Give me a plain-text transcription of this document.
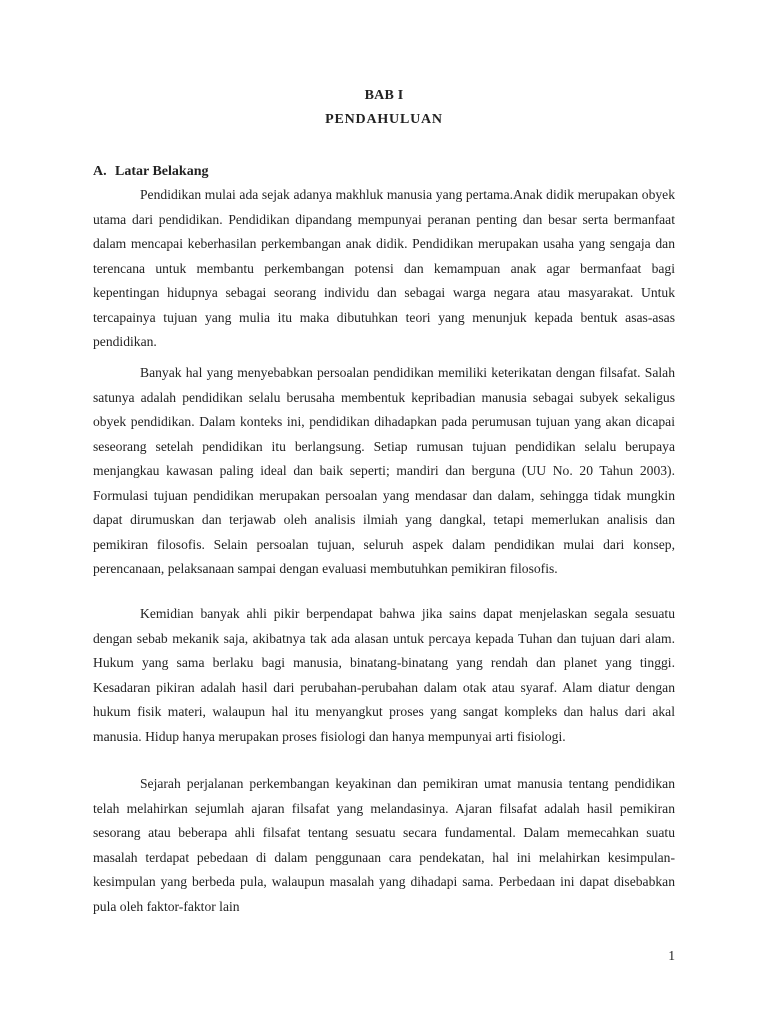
BAB I
PENDAHULUAN
A. Latar Belakang

Pendidikan mulai ada sejak adanya makhluk manusia yang pertama.Anak didik merupakan obyek utama dari pendidikan. Pendidikan dipandang mempunyai peranan penting dan besar serta bermanfaat dalam mencapai keberhasilan perkembangan anak didik. Pendidikan merupakan usaha yang sengaja dan terencana untuk membantu perkembangan potensi dan kemampuan anak agar bermanfaat bagi kepentingan hidupnya sebagai seorang individu dan sebagai warga negara atau masyarakat. Untuk tercapainya tujuan yang mulia itu maka dibutuhkan teori yang menunjuk kepada bentuk asas-asas pendidikan.

Banyak hal yang menyebabkan persoalan pendidikan memiliki keterikatan dengan filsafat. Salah satunya adalah pendidikan selalu berusaha membentuk kepribadian manusia sebagai subyek sekaligus obyek pendidikan. Dalam konteks ini, pendidikan dihadapkan pada perumusan tujuan yang akan dicapai seseorang setelah pendidikan itu berlangsung. Setiap rumusan tujuan pendidikan selalu berupaya menjangkau kawasan paling ideal dan baik seperti; mandiri dan berguna (UU No. 20 Tahun 2003). Formulasi tujuan pendidikan merupakan persoalan yang mendasar dan dalam, sehingga tidak mungkin dapat dirumuskan dan terjawab oleh analisis ilmiah yang dangkal, tetapi memerlukan analisis dan pemikiran filosofis. Selain persoalan tujuan, seluruh aspek dalam pendidikan mulai dari konsep, perencanaan, pelaksanaan sampai dengan evaluasi membutuhkan pemikiran filosofis.

Kemidian banyak ahli pikir berpendapat bahwa jika sains dapat menjelaskan segala sesuatu dengan sebab mekanik saja, akibatnya tak ada alasan untuk percaya kepada Tuhan dan tujuan dari alam. Hukum yang sama berlaku bagi manusia, binatang-binatang yang rendah dan planet yang tinggi. Kesadaran pikiran adalah hasil dari perubahan-perubahan dalam otak atau syaraf. Alam diatur dengan hukum fisik materi, walaupun hal itu menyangkut proses yang sangat kompleks dan halus dari akal manusia. Hidup hanya merupakan proses fisiologi dan hanya mempunyai arti fisiologi.

Sejarah perjalanan perkembangan keyakinan dan pemikiran umat manusia tentang pendidikan telah melahirkan sejumlah ajaran filsafat yang melandasinya. Ajaran filsafat adalah hasil pemikiran sesorang atau beberapa ahli filsafat tentang sesuatu secara fundamental. Dalam memecahkan suatu masalah terdapat pebedaan di dalam penggunaan cara pendekatan, hal ini melahirkan kesimpulan-kesimpulan yang berbeda pula, walaupun masalah yang dihadapi sama. Perbedaan ini dapat disebabkan pula oleh faktor-faktor lain

1
